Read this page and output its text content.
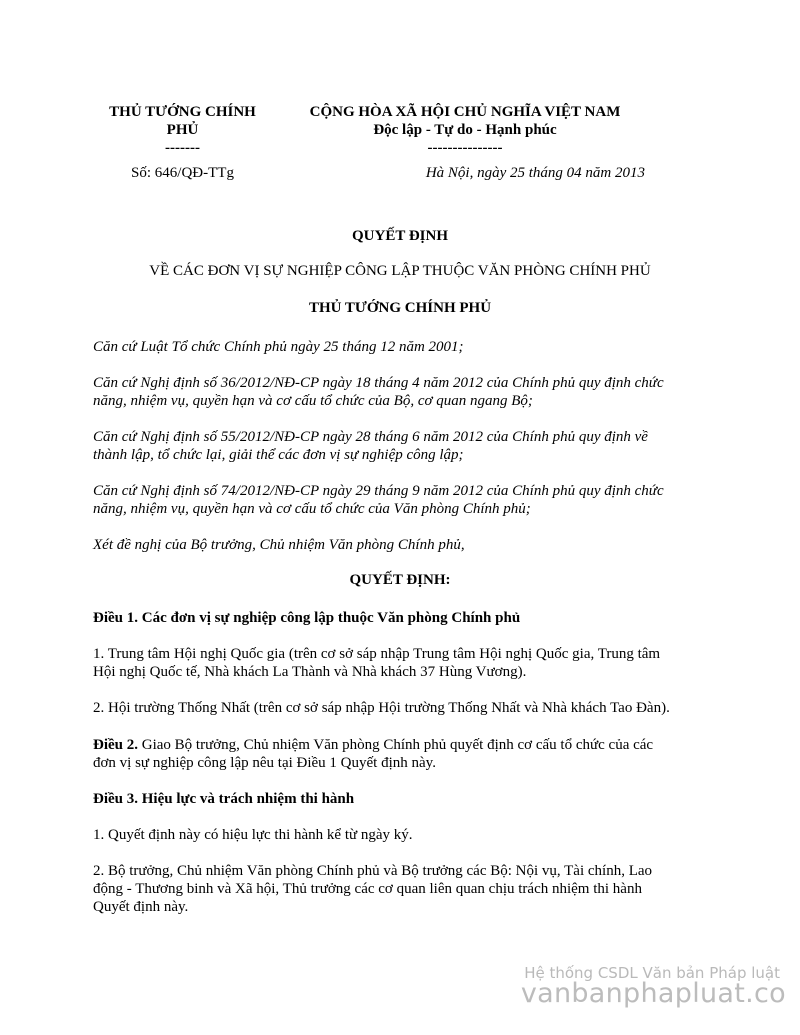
THỦ TƯỚNG CHÍNH
PHỦ
-------
Số: 646/QĐ-TTg
CỘNG HÒA XÃ HỘI CHỦ NGHĨA VIỆT NAM
Độc lập - Tự do - Hạnh phúc
---------------
Hà Nội, ngày 25 tháng 04 năm 2013
QUYẾT ĐỊNH
VỀ CÁC ĐƠN VỊ SỰ NGHIỆP CÔNG LẬP THUỘC VĂN PHÒNG CHÍNH PHỦ
THỦ TƯỚNG CHÍNH PHỦ
Căn cứ Luật Tổ chức Chính phủ ngày 25 tháng 12 năm 2001;
Căn cứ Nghị định số 36/2012/NĐ-CP ngày 18 tháng 4 năm 2012 của Chính phủ quy định chức
năng, nhiệm vụ, quyền hạn và cơ cấu tổ chức của Bộ, cơ quan ngang Bộ;
Căn cứ Nghị định số 55/2012/NĐ-CP ngày 28 tháng 6 năm 2012 của Chính phủ quy định về
thành lập, tổ chức lại, giải thể các đơn vị sự nghiệp công lập;
Căn cứ Nghị định số 74/2012/NĐ-CP ngày 29 tháng 9 năm 2012 của Chính phủ quy định chức
năng, nhiệm vụ, quyền hạn và cơ cấu tổ chức của Văn phòng Chính phủ;
Xét đề nghị của Bộ trưởng, Chủ nhiệm Văn phòng Chính phủ,
QUYẾT ĐỊNH:
Điều 1. Các đơn vị sự nghiệp công lập thuộc Văn phòng Chính phủ
1. Trung tâm Hội nghị Quốc gia (trên cơ sở sáp nhập Trung tâm Hội nghị Quốc gia, Trung tâm
Hội nghị Quốc tế, Nhà khách La Thành và Nhà khách 37 Hùng Vương).
2. Hội trường Thống Nhất (trên cơ sở sáp nhập Hội trường Thống Nhất và Nhà khách Tao Đàn).
Điều 2. Giao Bộ trưởng, Chủ nhiệm Văn phòng Chính phủ quyết định cơ cấu tổ chức của các
đơn vị sự nghiệp công lập nêu tại Điều 1 Quyết định này.
Điều 3. Hiệu lực và trách nhiệm thi hành
1. Quyết định này có hiệu lực thi hành kể từ ngày ký.
2. Bộ trưởng, Chủ nhiệm Văn phòng Chính phủ và Bộ trưởng các Bộ: Nội vụ, Tài chính, Lao
động - Thương binh và Xã hội, Thủ trưởng các cơ quan liên quan chịu trách nhiệm thi hành
Quyết định này.
Hệ thống CSDL Văn bản Pháp luật
vanbanphapluat.co
